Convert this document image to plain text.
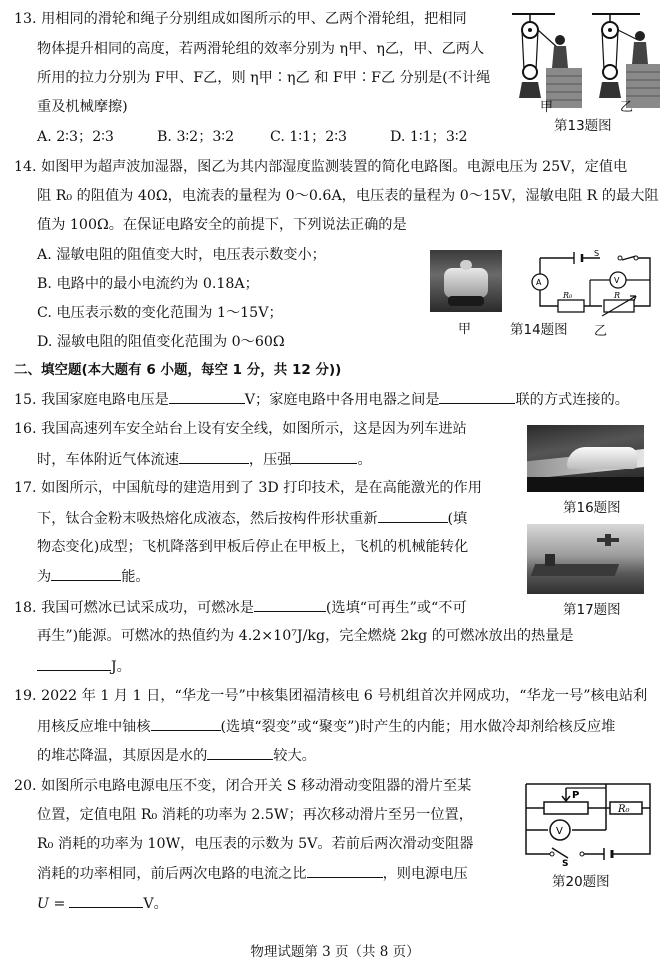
13. 用相同的滑轮和绳子分别组成如图所示的甲、乙两个滑轮组，把相同
物体提升相同的高度，若两滑轮组的效率分别为 η甲、η乙，甲、乙两人
所用的拉力分别为 F甲、F乙，则 η甲∶η乙 和 F甲∶F乙 分别是(不计绳
重及机械摩擦)
A. 2∶3；2∶3	B. 3∶2；3∶2	C. 1∶1；2∶3	D. 1∶1；3∶2
甲	乙
第13题图
14. 如图甲为超声波加湿器，图乙为其内部湿度监测装置的简化电路图。电源电压为 25V，定值电
阻 R₀ 的阻值为 40Ω，电流表的量程为 0～0.6A，电压表的量程为 0～15V，湿敏电阻 R 的最大阻
值为 100Ω。在保证电路安全的前提下，下列说法正确的是
A. 湿敏电阻的阻值变大时，电压表示数变小；
B. 电路中的最小电流约为 0.18A；
C. 电压表示数的变化范围为 1～15V；
D. 湿敏电阻的阻值变化范围为 0～60Ω
甲	第14题图
S
A	V
R₀	R
乙
二、填空题(本大题有 6 小题，每空 1 分，共 12 分))
15. 我国家庭电路电压是	V；家庭电路中各用电器之间是	联的方式连接的。
16. 我国高速列车安全站台上设有安全线，如图所示，这是因为列车进站
时，车体附近气体流速	，压强	。
第16题图
17. 如图所示，中国航母的建造用到了 3D 打印技术，是在高能激光的作用
下，钛合金粉末吸热熔化成液态，然后按构件形状重新	(填
物态变化)成型；飞机降落到甲板后停止在甲板上，飞机的机械能转化
为	能。
第17题图
18. 我国可燃冰已试采成功，可燃冰是	(选填“可再生”或“不可
再生”)能源。可燃冰的热值约为 4.2×10⁷J/kg，完全燃烧 2kg 的可燃冰放出的热量是
J。
19. 2022 年 1 月 1 日，“华龙一号”中核集团福清核电 6 号机组首次并网成功，“华龙一号”核电站利
用核反应堆中铀核	(选填“裂变”或“聚变”)时产生的内能；用水做冷却剂给核反应堆
的堆芯降温，其原因是水的	较大。
20. 如图所示电路电源电压不变，闭合开关 S 移动滑动变阻器的滑片至某
位置，定值电阻 R₀ 消耗的功率为 2.5W；再次移动滑片至另一位置，
R₀ 消耗的功率为 10W，电压表的示数为 5V。若前后两次滑动变阻器
消耗的功率相同，前后两次电路的电流之比	，则电源电压
U =	V。
P
V
R₀
S
第20题图
物理试题第 3 页（共 8 页）
